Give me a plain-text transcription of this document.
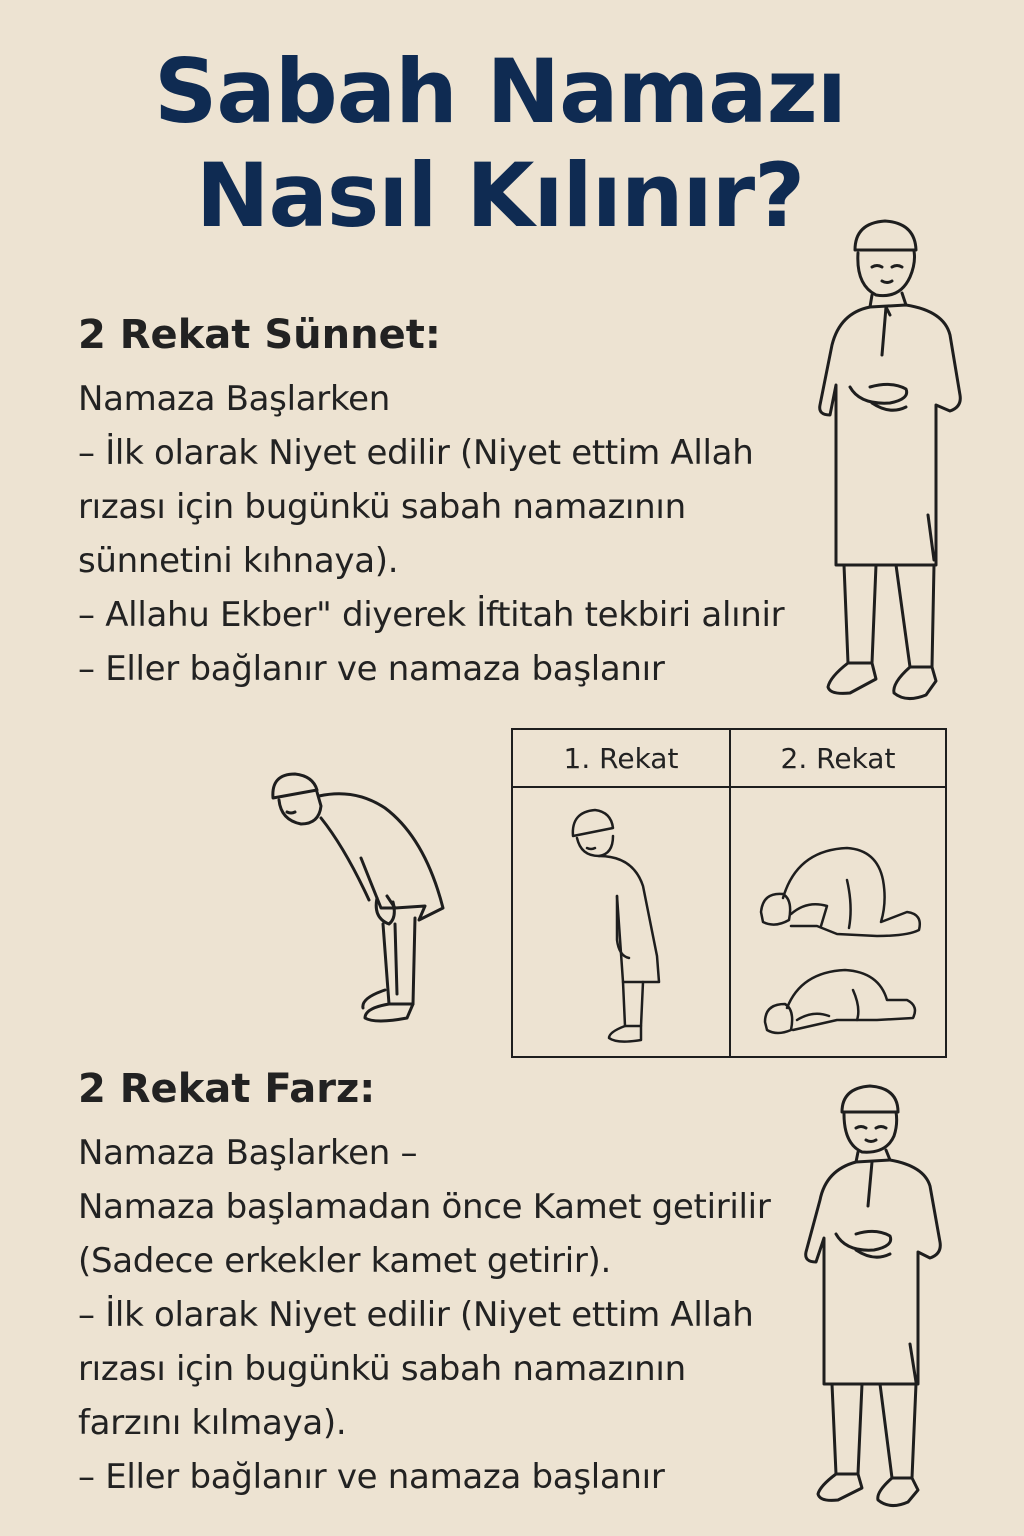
Sabah Namazı
Nasıl Kılınır?
2 Rekat Sünnet:
Namaza Başlarken
– İlk olarak Niyet edilir (Niyet ettim Allah
rızası için bugünkü sabah namazının
sünnetini kıhnaya).
– Allahu Ekber" diyerek İftitah tekbiri alınir
– Eller bağlanır ve namaza başlanır
1. Rekat	2. Rekat
2 Rekat Farz:
Namaza Başlarken –
Namaza başlamadan önce Kamet getirilir
(Sadece erkekler kamet getirir).
– İlk olarak Niyet edilir (Niyet ettim Allah
rızası için bugünkü sabah namazının
farzını kılmaya).
– Eller bağlanır ve namaza başlanır
